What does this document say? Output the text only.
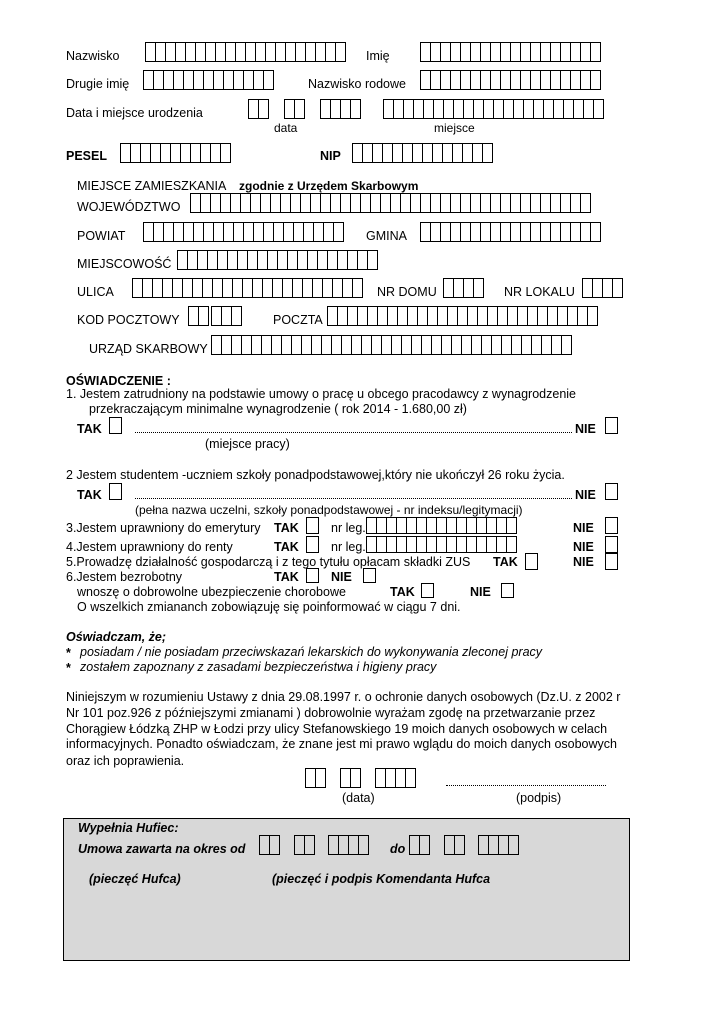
Nazwisko	Imię
Drugie imię	Nazwisko rodowe
Data i miejsce urodzenia
data	miejsce
PESEL	NIP
MIEJSCE ZAMIESZKANIA zgodnie z Urzędem Skarbowym
WOJEWÓDZTWO
POWIAT	GMINA
MIEJSCOWOŚĆ
ULICA	NR DOMU	NR LOKALU
KOD POCZTOWY	POCZTA
URZĄD SKARBOWY
OŚWIADCZENIE :
1. Jestem zatrudniony na podstawie umowy o pracę u obcego pracodawcy z wynagrodzenie
przekraczającym minimalne wynagrodzenie ( rok 2014 - 1.680,00 zł)
TAK	NIE
(miejsce pracy)
2 Jestem studentem -uczniem szkoły ponadpodstawowej,który nie ukończył 26 roku życia.
TAK	NIE
(pełna nazwa uczelni, szkoły ponadpodstawowej - nr indeksu/legitymacji)
3.Jestem uprawniony do emerytury TAK	nr leg.	NIE
4.Jestem uprawniony do renty	TAK	nr leg.	NIE
5.Prowadzę działalność gospodarczą i z tego tytułu opłacam składki ZUS TAK	NIE
6.Jestem bezrobotny	TAK	NIE
wnoszę o dobrowolne ubezpieczenie chorobowe	TAK	NIE
O wszelkich zmiananch zobowiązuję się poinformować w ciągu 7 dni.
Oświadczam, że;
* posiadam / nie posiadam przeciwskazań lekarskich do wykonywania zleconej pracy
* zostałem zapoznany z zasadami bezpieczeństwa i higieny pracy
Niniejszym w rozumieniu Ustawy z dnia 29.08.1997 r. o ochronie danych osobowych (Dz.U. z 2002 r
Nr 101 poz.926 z późniejszymi zmianami ) dobrowolnie wyrażam zgodę na przetwarzanie przez
Chorągiew Łódzką ZHP w Łodzi przy ulicy Stefanowskiego 19 moich danych osobowych w celach
informacyjnych. Ponadto oświadczam, że znane jest mi prawo wglądu do moich danych osobowych
oraz ich poprawienia.
(data)	(podpis)
Wypełnia Hufiec:
Umowa zawarta na okres od	do
(pieczęć Hufca)	(pieczęć i podpis Komendanta Hufca
